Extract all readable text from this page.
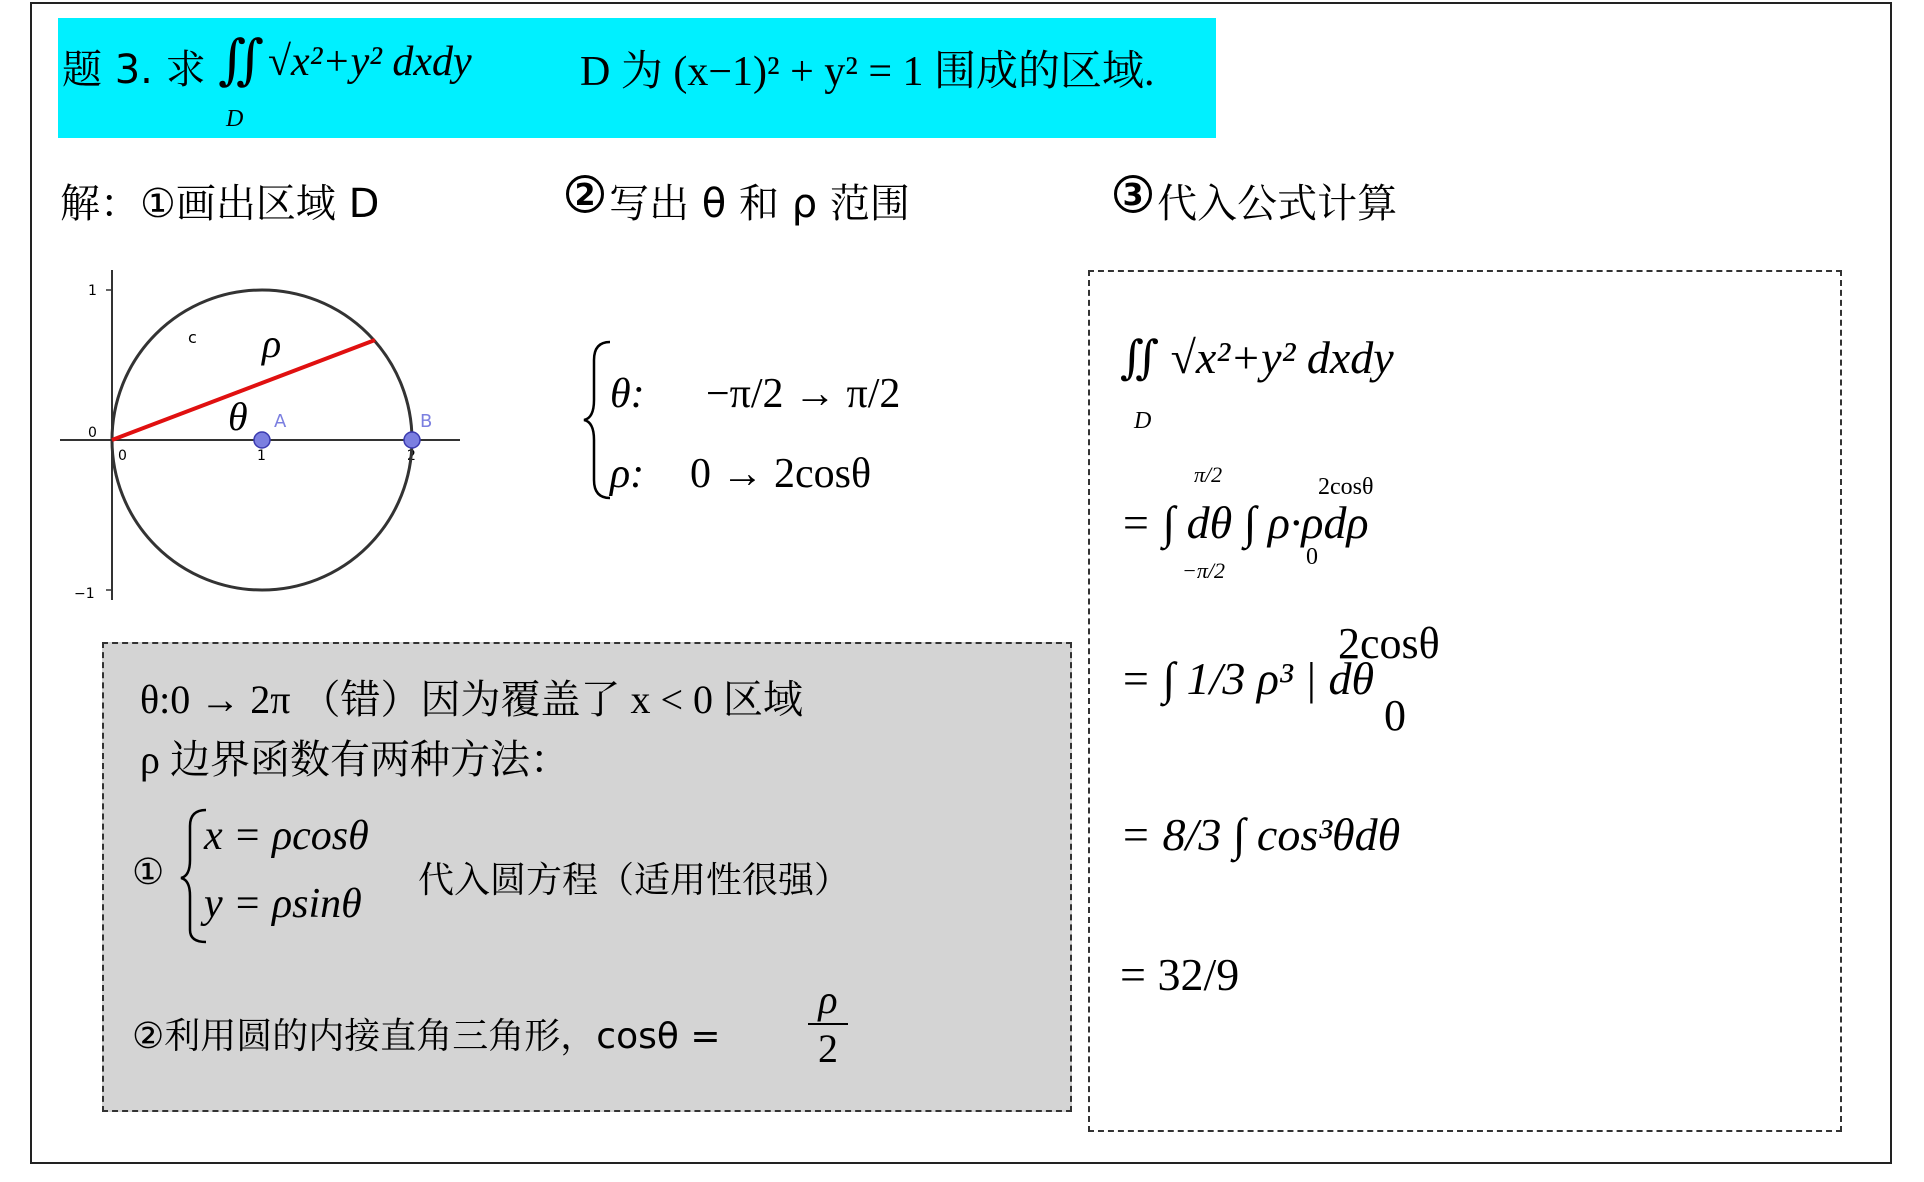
题 3. 求 ∬
D
√x²+y² dxdy	D 为 (x−1)² + y² = 1 围成的区域.
解：①画出区域 D	2 写出 θ 和 ρ 范围	3 代入公式计算
1
0
−1
0	1	2
A	B
c ρ
θ	θ: −π/2 → π/2
ρ: 0 → 2cosθ
θ:0 → 2π （错）因为覆盖了 x < 0 区域
ρ 边界函数有两种方法：
①
x = ρcosθ
y = ρsinθ
代入圆方程（适用性很强）
②利用圆的内接直角三角形，$\cos\theta = \frac{\rho}{2}$
∬ √x²+y² dxdy
D
= ∫ dθ ∫ ρ·ρdρ
π/2
−π/2
2cosθ
0
= ∫ 1/3 ρ³ | dθ
2cosθ
0
= 8/3 ∫ cos³θdθ
= 32/9
